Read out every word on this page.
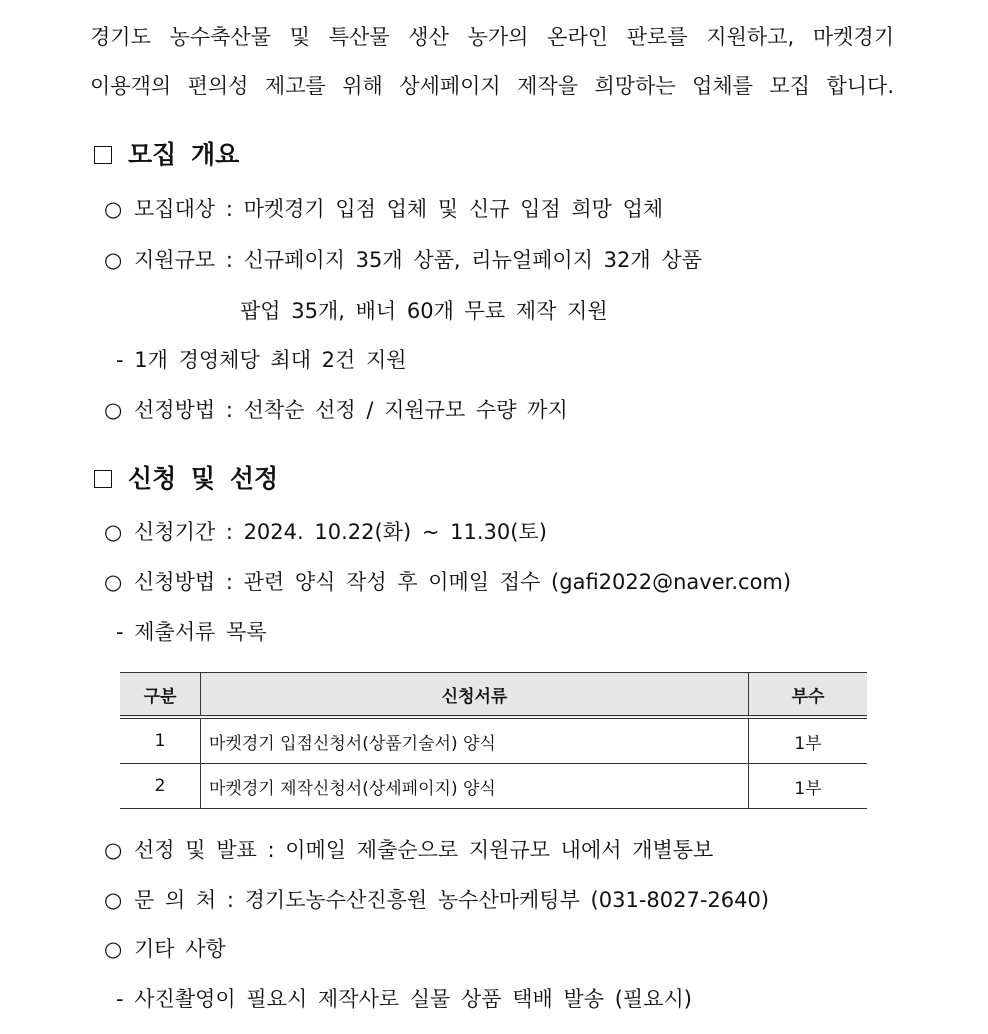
경기도 농수축산물 및 특산물 생산 농가의 온라인 판로를 지원하고, 마켓경기
이용객의 편의성 제고를 위해 상세페이지 제작을 희망하는 업체를 모집 합니다.
모집 개요
○ 모집대상 : 마켓경기 입점 업체 및 신규 입점 희망 업체
○ 지원규모 : 신규페이지 35개 상품, 리뉴얼페이지 32개 상품
팝업 35개, 배너 60개 무료 제작 지원
- 1개 경영체당 최대 2건 지원
○ 선정방법 : 선착순 선정 / 지원규모 수량 까지
신청 및 선정
○ 신청기간 : 2024. 10.22(화) ~ 11.30(토)
○ 신청방법 : 관련 양식 작성 후 이메일 접수 (gafi2022@naver.com)
- 제출서류 목록
구분	신청서류	부수
1	마켓경기 입점신청서(상품기술서) 양식	1부
2	마켓경기 제작신청서(상세페이지) 양식	1부
○ 선정 및 발표 : 이메일 제출순으로 지원규모 내에서 개별통보
○ 문 의 처 : 경기도농수산진흥원 농수산마케팅부 (031-8027-2640)
○ 기타 사항
- 사진촬영이 필요시 제작사로 실물 상품 택배 발송 (필요시)
